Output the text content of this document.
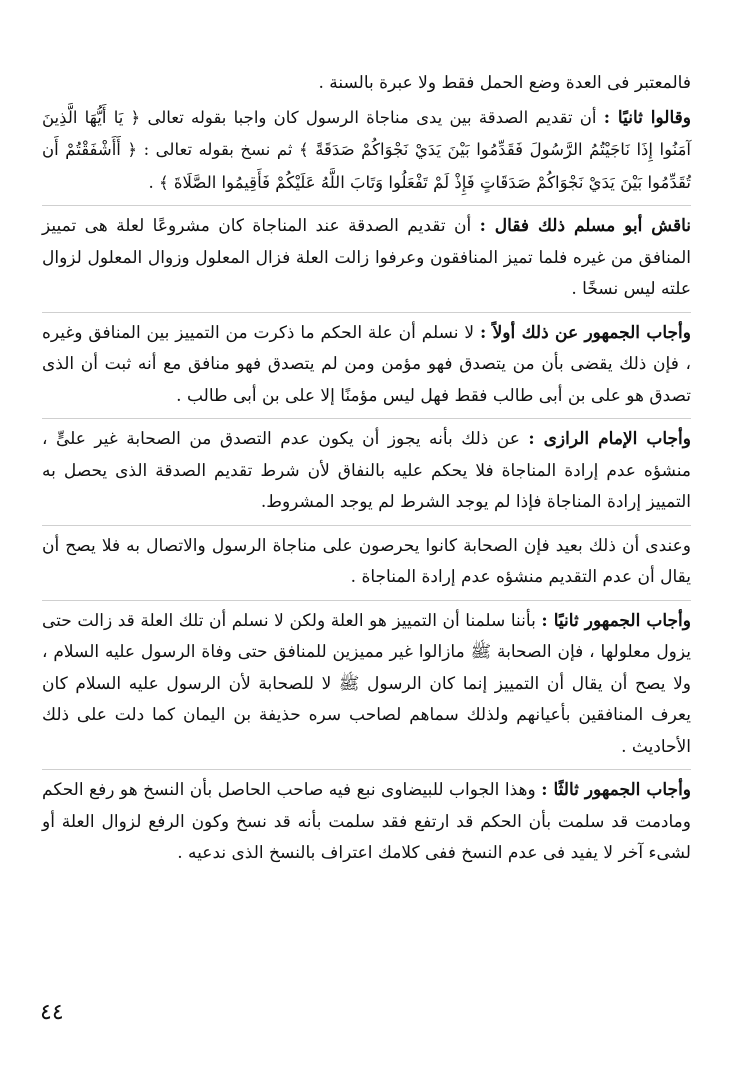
فالمعتبر فى العدة وضع الحمل فقط ولا عبرة بالسنة .

وقالوا ثانيًا : أن تقديم الصدقة بين يدى مناجاة الرسول كان واجبا بقوله تعالى ﴿ يَا أَيُّهَا الَّذِينَ آمَنُوا إِذَا نَاجَيْتُمُ الرَّسُولَ فَقَدِّمُوا بَيْنَ يَدَيْ نَجْوَاكُمْ صَدَقَةً ﴾ ثم نسخ بقوله تعالى : ﴿ أَأَشْفَقْتُمْ أَن تُقَدِّمُوا بَيْنَ يَدَيْ نَجْوَاكُمْ صَدَقَاتٍ فَإِذْ لَمْ تَفْعَلُوا وَتَابَ اللَّهُ عَلَيْكُمْ فَأَقِيمُوا الصَّلَاةَ ﴾ .

ناقش أبو مسلم ذلك فقال : أن تقديم الصدقة عند المناجاة كان مشروعًا لعلة هى تمييز المنافق من غيره فلما تميز المنافقون وعرفوا زالت العلة فزال المعلول وزوال المعلول لزوال علته ليس نسخًا .

وأجاب الجمهور عن ذلك أولاً : لا نسلم أن علة الحكم ما ذكرت من التمييز بين المنافق وغيره ، فإن ذلك يقضى بأن من يتصدق فهو مؤمن ومن لم يتصدق فهو منافق مع أنه ثبت أن الذى تصدق هو على بن أبى طالب فقط فهل ليس مؤمنًا إلا على بن أبى طالب .

وأجاب الإمام الرازى : عن ذلك بأنه يجوز أن يكون عدم التصدق من الصحابة غير علىٍّ ، منشؤه عدم إرادة المناجاة فلا يحكم عليه بالنفاق لأن شرط تقديم الصدقة الذى يحصل به التمييز إرادة المناجاة فإذا لم يوجد الشرط لم يوجد المشروط.

وعندى أن ذلك بعيد فإن الصحابة كانوا يحرصون على مناجاة الرسول والاتصال به فلا يصح أن يقال أن عدم التقديم منشؤه عدم إرادة المناجاة .

وأجاب الجمهور ثانيًا : بأننا سلمنا أن التمييز هو العلة ولكن لا نسلم أن تلك العلة قد زالت حتى يزول معلولها ، فإن الصحابة ﷺ مازالوا غير مميزين للمنافق حتى وفاة الرسول عليه السلام ، ولا يصح أن يقال أن التمييز إنما كان الرسول ﷺ لا للصحابة لأن الرسول عليه السلام كان يعرف المنافقين بأعيانهم ولذلك سماهم لصاحب سره حذيفة بن اليمان كما دلت على ذلك الأحاديث .

وأجاب الجمهور ثالثًا : وهذا الجواب للبيضاوى نبع فيه صاحب الحاصل بأن النسخ هو رفع الحكم ومادمت قد سلمت بأن الحكم قد ارتفع فقد سلمت بأنه قد نسخ وكون الرفع لزوال العلة أو لشىء آخر لا يفيد فى عدم النسخ ففى كلامك اعتراف بالنسخ الذى ندعيه .

٤٤
